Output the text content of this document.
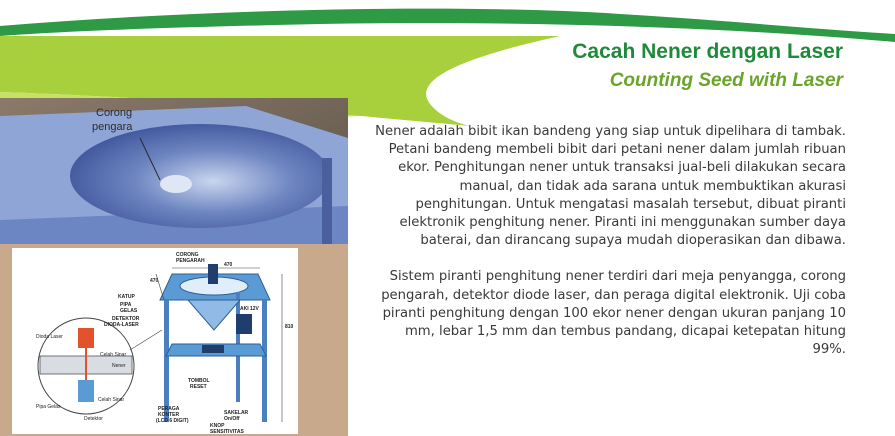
Cacah Nener dengan Laser
Counting Seed with Laser
Corong pengara
CORONG PENGARAH
470
470
810
KATUP
PIPA GELAS
DETEKTOR DIODA-LASER
Dioda Laser
Celah Sinar
Nener
Celah Sinar
Pipa Gelas
Detektor
AKI 12V
TOMBOL RESET
PERAGA KONTER (LCD 6 DIGIT)
SAKELAR On/Off
KNOP SENSITIVITAS

Nener adalah bibit ikan bandeng yang siap untuk dipelihara di tambak. Petani bandeng membeli bibit dari petani nener dalam jumlah ribuan ekor. Penghitungan nener untuk transaksi jual-beli dilakukan secara manual, dan tidak ada sarana untuk membuktikan akurasi penghitungan. Untuk mengatasi masalah tersebut, dibuat piranti elektronik penghitung nener. Piranti ini menggunakan sumber daya baterai, dan dirancang supaya mudah dioperasikan dan dibawa.

Sistem piranti penghitung nener terdiri dari meja penyangga, corong pengarah, detektor diode laser, dan peraga digital elektronik. Uji coba piranti penghitung dengan 100 ekor nener dengan ukuran panjang 10 mm, lebar 1,5 mm dan tembus pandang, dicapai ketepatan hitung 99%.
